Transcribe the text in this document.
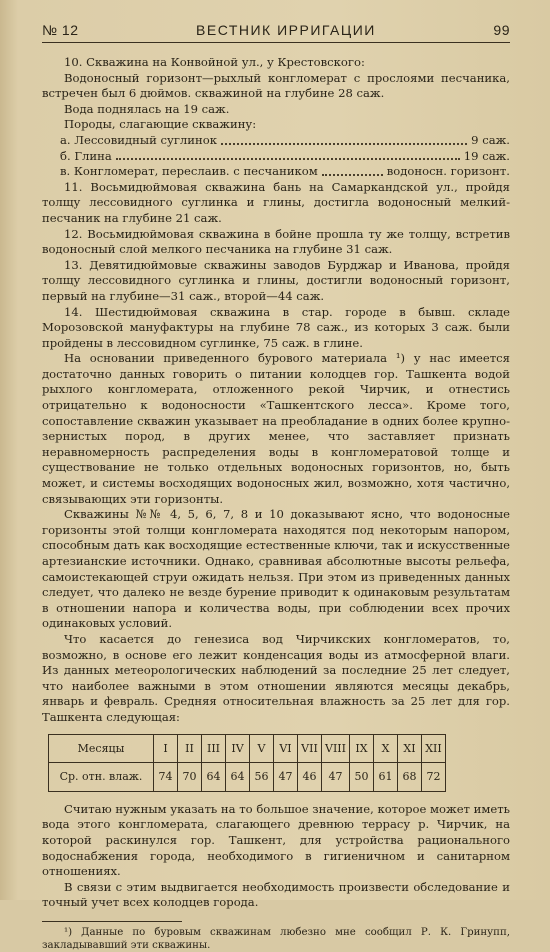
№ 12	ВЕСТНИК ИРРИГАЦИИ	99

10. Скважина на Конвойной ул., у Крестовского:

Водоносный горизонт—рыхлый конгломерат с прослоями песчаника, встречен был 6 дюймов. скважиной на глубине 28 саж.

Вода поднялась на 19 саж.

Породы, слагающие скважину:

а. Лессовидный суглинок	9 саж.
б. Глина	19 саж.
в. Конгломерат, переслаив. с песчаником	водоносн. горизонт.

11. Восьмидюймовая скважина бань на Самаркандской ул., пройдя толщу лессовидного суглинка и глины, достигла водоносный мелкий-песчаник на глубине 21 саж.

12. Восьмидюймовая скважина в бойне прошла ту же толщу, встретив водоносный слой мелкого песчаника на глубине 31 саж.

13. Девятидюймовые скважины заводов Бурджар и Иванова, пройдя толщу лессовидного суглинка и глины, достигли водоносный горизонт, первый на глубине—31 саж., второй—44 саж.

14. Шестидюймовая скважина в стар. городе в бывш. складе Морозовской мануфактуры на глубине 78 саж., из которых 3 саж. были пройдены в лессовидном суглинке, 75 саж. в глине.

На основании приведенного бурового материала ¹) у нас имеется достаточно данных говорить о питании колодцев гор. Ташкента водой рыхлого конгломерата, отложенного рекой Чирчик, и отнестись отрицательно к водоносности «Ташкентского лесса». Кроме того, сопоставление скважин указывает на преобладание в одних более крупно-зернистых пород, в других менее, что заставляет признать неравномерность распределения воды в конгломератовой толще и существование не только отдельных водоносных горизонтов, но, быть может, и системы восходящих водоносных жил, возможно, хотя частично, связывающих эти горизонты.

Скважины №№ 4, 5, 6, 7, 8 и 10 доказывают ясно, что водоносные горизонты этой толщи конгломерата находятся под некоторым напором, способным дать как восходящие естественные ключи, так и искусственные артезианские источники. Однако, сравнивая абсолютные высоты рельефа, самоистекающей струи ожидать нельзя. При этом из приведенных данных следует, что далеко не везде бурение приводит к одинаковым результатам в отношении напора и количества воды, при соблюдении всех прочих одинаковых условий.

Что касается до генезиса вод Чирчикских конгломератов, то, возможно, в основе его лежит конденсация воды из атмосферной влаги. Из данных метеорологических наблюдений за последние 25 лет следует, что наиболее важными в этом отношении являются месяцы декабрь, январь и февраль. Средняя относительная влажность за 25 лет для гор. Ташкента следующая:

Месяцы	I	II	III	IV	V	VI	VII	VIII	IX	X	XI	XII
Ср. отн. влаж.	74	70	64	64	56	47	46	47	50	61	68	72

Считаю нужным указать на то большое значение, которое может иметь вода этого конгломерата, слагающего древнюю террасу р. Чирчик, на которой раскинулся гор. Ташкент, для устройства рационального водоснабжения города, необходимого в гигиеничном и санитарном отношениях.

В связи с этим выдвигается необходимость произвести обследование и точный учет всех колодцев города.

¹) Данные по буровым скважинам любезно мне сообщил Р. К. Гринупп, закладывавший эти скважины.
